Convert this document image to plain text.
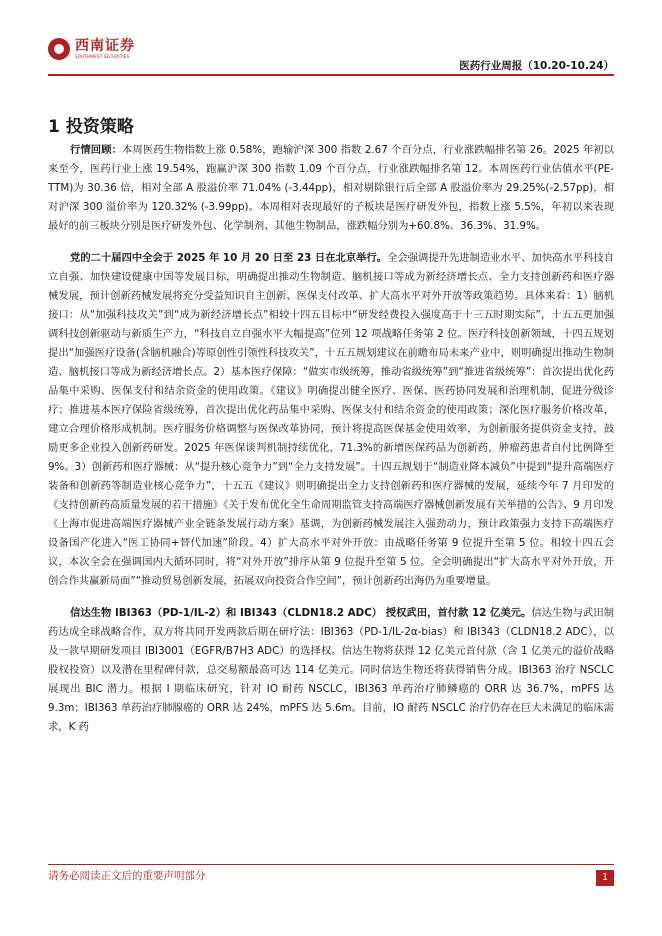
西南证券
SOUTHWEST SECURITIES
医药行业周报（10.20-10.24）
1 投资策略

行情回顾：本周医药生物指数上涨 0.58%，跑输沪深 300 指数 2.67 个百分点，行业涨跌幅排名第 26。2025 年初以来至今，医药行业上涨 19.54%，跑赢沪深 300 指数 1.09 个百分点，行业涨跌幅排名第 12。本周医药行业估值水平(PE-TTM)为 30.36 倍，相对全部 A 股溢价率 71.04% (-3.44pp)，相对剔除银行后全部 A 股溢价率为 29.25%(-2.57pp)，相对沪深 300 溢价率为 120.32% (-3.99pp)。本周相对表现最好的子板块是医疗研发外包，指数上涨 5.5%，年初以来表现最好的前三板块分别是医疗研发外包、化学制剂、其他生物制品，涨跌幅分别为+60.8%、36.3%、31.9%。

党的二十届四中全会于 2025 年 10 月 20 日至 23 日在北京举行。全会强调提升先进制造业水平、加快高水平科技自立自强、加快建设健康中国等发展目标，明确提出推动生物制造、脑机接口等成为新经济增长点、全力支持创新药和医疗器械发展，预计创新药械发展将充分受益知识自主创新、医保支付改革、扩大高水平对外开放等政策趋势。具体来看：1）脑机接口：从“加强科技攻关”到“成为新经济增长点”相较十四五目标中“研发经费投入强度高于十三五时期实际”，十五五更加强调科技创新驱动与新质生产力，“科技自立自强水平大幅提高”位列 12 项战略任务第 2 位。医疗科技创新领域，十四五规划提出“加强医疗设备(含脑机融合)等原创性引领性科技攻关”，十五五规划建议在前瞻布局未来产业中，则明确提出推动生物制造、脑机接口等成为新经济增长点。2）基本医疗保障：“做实市级统筹，推动省级统筹”到“推进省级统筹”：首次提出优化药品集中采购、医保支付和结余资金的使用政策。《建议》明确提出健全医疗、医保、医药协同发展和治理机制，促进分级诊疗；推进基本医疗保险省级统筹，首次提出优化药品集中采购、医保支付和结余资金的使用政策；深化医疗服务价格改革，建立合理价格形成机制。医疗服务价格调整与医保改革协同，预计将提高医保基金使用效率，为创新服务提供资金支持，鼓励更多企业投入创新药研发。2025 年医保谈判机制持续优化，71.3%的新增医保药品为创新药，肿瘤药患者自付比例降至 9%。3）创新药和医疗器械：从“提升核心竞争力”到“全力支持发展”。十四五规划于“制造业降本减负”中提到“提升高端医疗装备和创新药等制造业核心竞争力”，十五五《建议》则明确提出全力支持创新药和医疗器械的发展，延续今年 7 月印发的《支持创新药高质量发展的若干措施》《关于发布优化全生命周期监管支持高端医疗器械创新发展有关举措的公告》、9 月印发《上海市促进高端医疗器械产业全链条发展行动方案》基调，为创新药械发展注入强劲动力，预计政策强力支持下高端医疗设备国产化进入“医工协同+替代加速”阶段。4）扩大高水平对外开放：由战略任务第 9 位提升至第 5 位。相较十四五会议，本次全会在强调国内大循环同时，将“对外开放”排序从第 9 位提升至第 5 位。全会明确提出“扩大高水平对外开放，开创合作共赢新局面”“推动贸易创新发展，拓展双向投资合作空间”，预计创新药出海仍为重要增量。

信达生物 IBI363（PD-1/IL-2）和 IBI343（CLDN18.2 ADC） 授权武田，首付款 12 亿美元。信达生物与武田制药达成全球战略合作，双方将共同开发两款后期在研疗法：IBI363（PD-1/IL-2α-bias）和 IBI343（CLDN18.2 ADC），以及一款早期研发项目 IBI3001（EGFR/B7H3 ADC）的选择权。信达生物将获得 12 亿美元首付款（含 1 亿美元的溢价战略股权投资）以及潜在里程碑付款，总交易额最高可达 114 亿美元。同时信达生物还将获得销售分成。IBI363 治疗 NSCLC 展现出 BIC 潜力。根据 I 期临床研究，针对 IO 耐药 NSCLC，IBI363 单药治疗肺鳞癌的 ORR 达 36.7%，mPFS 达 9.3m；IBI363 单药治疗肺腺癌的 ORR 达 24%，mPFS 达 5.6m。目前，IO 耐药 NSCLC 治疗仍存在巨大未满足的临床需求，K 药

请务必阅读正文后的重要声明部分	1
